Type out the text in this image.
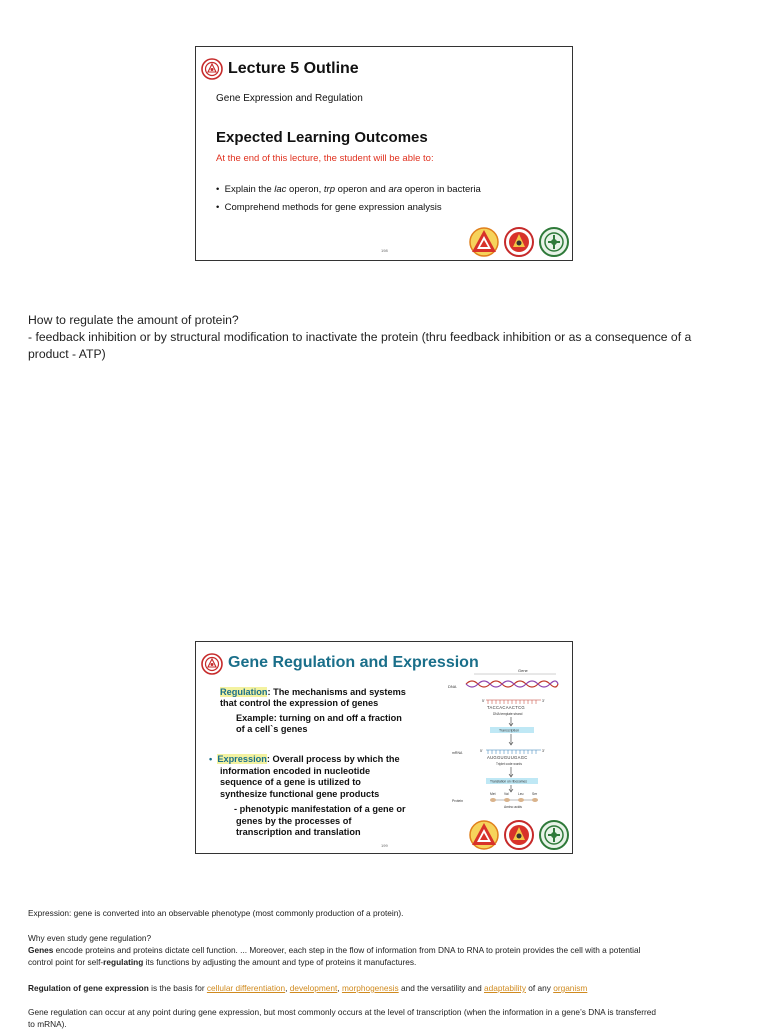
Lecture 5 Outline
Gene Expression and Regulation
Expected Learning Outcomes
At the end of this lecture, the student will be able to:
•  Explain the lac operon, trp operon and ara operon in bacteria
•  Comprehend methods for gene expression analysis
198
How to regulate the amount of protein?
- feedback inhibition or by structural modification to inactivate the protein (thru feedback inhibition or as a consequence of a
product - ATP)
Gene Regulation and Expression
Regulation: The mechanisms and systems
that control the expression of genes
Example: turning on and off a fraction
of a cell`s genes
• Expression: Overall process by which the
information encoded in nucleotide
sequence of a gene is utilized to
synthesize functional gene products
- phenotypic manifestation of a gene or
genes by the processes of
transcription and translation
199
Gene
DNA
5'	3'
TACCACAACTCG
DNA template strand
Transcription
mRNA	5'	3'
AUGGUGUUGAGC
Triplet code words
Translation on ribosomes
Met	Val	Leu	Ser
Protein
Amino acids
Expression: gene is converted into an observable phenotype (most commonly production of a protein).
Why even study gene regulation?
Genes encode proteins and proteins dictate cell function. ... Moreover, each step in the flow of information from DNA to RNA to protein provides the cell with a potential
control point for self-regulating its functions by adjusting the amount and type of proteins it manufactures.
Regulation of gene expression is the basis for cellular differentiation, development, morphogenesis and the versatility and adaptability of any organism
Gene regulation can occur at any point during gene expression, but most commonly occurs at the level of transcription (when the information in a gene’s DNA is transferred
to mRNA).
